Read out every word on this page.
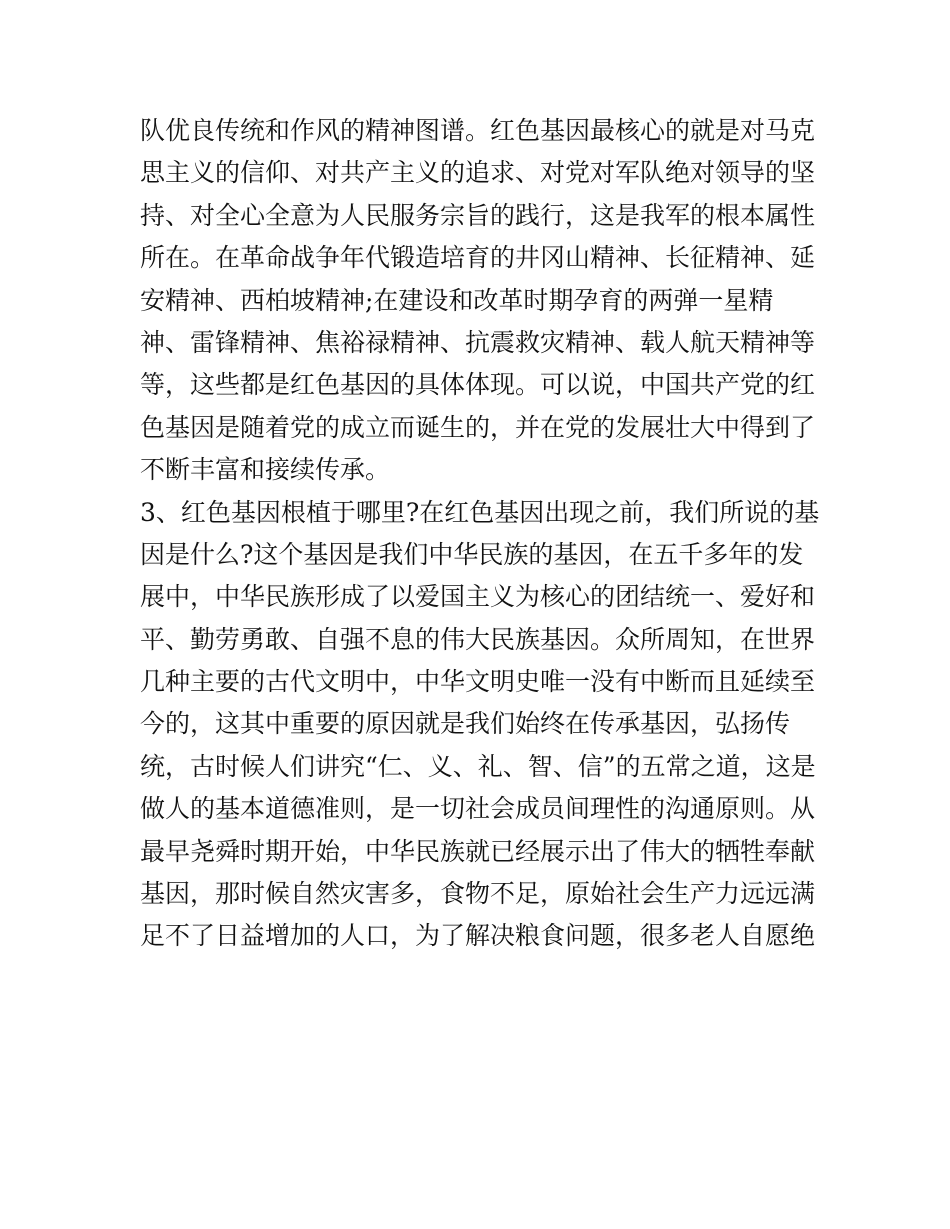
队优良传统和作风的精神图谱。红色基因最核心的就是对马克
思主义的信仰、对共产主义的追求、对党对军队绝对领导的坚
持、对全心全意为人民服务宗旨的践行，这是我军的根本属性
所在。在革命战争年代锻造培育的井冈山精神、长征精神、延
安精神、西柏坡精神;在建设和改革时期孕育的两弹一星精
神、雷锋精神、焦裕禄精神、抗震救灾精神、载人航天精神等
等，这些都是红色基因的具体体现。可以说，中国共产党的红
色基因是随着党的成立而诞生的，并在党的发展壮大中得到了
不断丰富和接续传承。
3、红色基因根植于哪里?在红色基因出现之前，我们所说的基
因是什么?这个基因是我们中华民族的基因，在五千多年的发
展中，中华民族形成了以爱国主义为核心的团结统一、爱好和
平、勤劳勇敢、自强不息的伟大民族基因。众所周知，在世界
几种主要的古代文明中，中华文明史唯一没有中断而且延续至
今的，这其中重要的原因就是我们始终在传承基因，弘扬传
统，古时候人们讲究“仁、义、礼、智、信”的五常之道，这是
做人的基本道德准则，是一切社会成员间理性的沟通原则。从
最早尧舜时期开始，中华民族就已经展示出了伟大的牺牲奉献
基因，那时候自然灾害多，食物不足，原始社会生产力远远满
足不了日益增加的人口，为了解决粮食问题，很多老人自愿绝
